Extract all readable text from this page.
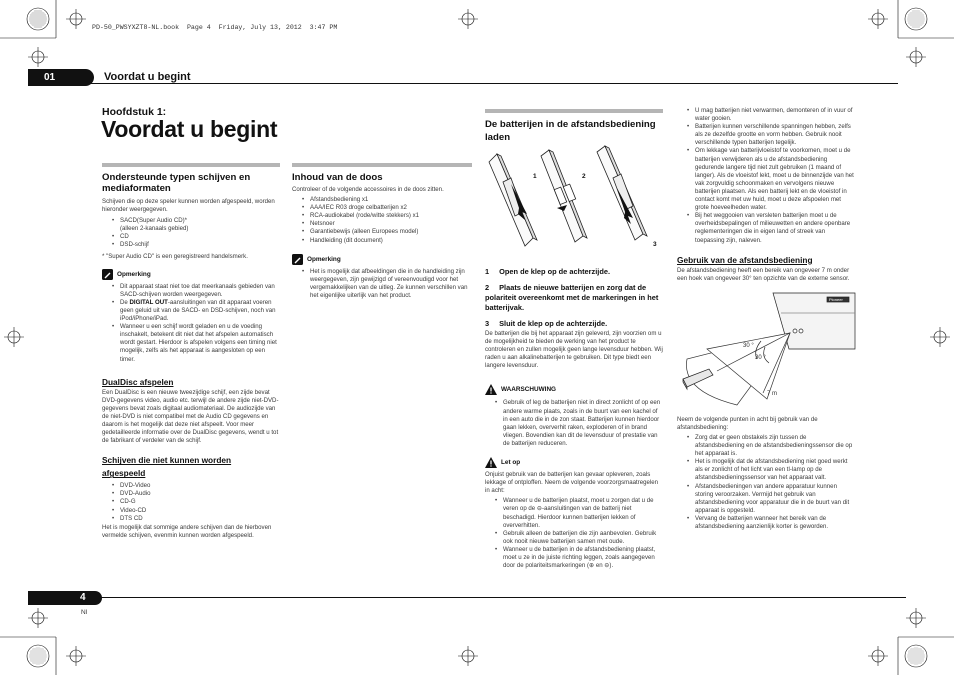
PD-50_PWSYXZT8-NL.book  Page 4  Friday, July 13, 2012  3:47 PM
01	Voordat u begint
Hoofdstuk 1:
Voordat u begint
Ondersteunde typen schijven en mediaformaten
Schijven die op deze speler kunnen worden afgespeeld, worden hieronder weergegeven.
• SACD(Super Audio CD)*
(alleen 2-kanaals gebied)
• CD
• DSD-schijf
* "Super Audio CD" is een geregistreerd handelsmerk.
Opmerking
• Dit apparaat staat niet toe dat meerkanaals gebieden van SACD-schijven worden weergegeven.
• De DIGITAL OUT-aansluitingen van dit apparaat voeren geen geluid uit van de SACD- en DSD-schijven, noch van iPod/iPhone/iPad.
• Wanneer u een schijf wordt geladen en u de voeding inschakelt, betekent dit niet dat het afspelen automatisch wordt gestart. Hierdoor is afspelen volgens een timing niet mogelijk, zelfs als het apparaat is aangesloten op een timer.
DualDisc afspelen
Een DualDisc is een nieuwe tweezijdige schijf, een zijde bevat DVD-gegevens video, audio etc. terwijl de andere zijde niet-DVD-gegevens bevat zoals digitaal audiomateriaal. De audiozijde van de niet-DVD is niet compatibel met de Audio CD gegevens en daarom is het mogelijk dat deze niet afspeelt. Voor meer gedetailleerde informatie over de DualDisc gegevens, wendt u tot de fabrikant of verdeler van de schijf.
Schijven die niet kunnen worden afgespeeld
• DVD-Video
• DVD-Audio
• CD-G
• Video-CD
• DTS CD
Het is mogelijk dat sommige andere schijven dan de hierboven vermelde schijven, evenmin kunnen worden afgespeeld.
Inhoud van de doos
Controleer of de volgende accessoires in de doos zitten.
• Afstandsbediening x1
• AAA/IEC R03 droge celbatterijen x2
• RCA-audiokabel (rode/witte stekkers) x1
• Netsnoer
• Garantiebewijs (alleen Europees model)
• Handleiding (dit document)
Opmerking
• Het is mogelijk dat afbeeldingen die in de handleiding zijn weergegeven, zijn gewijzigd of vereenvoudigd voor het vergemakkelijken van de uitleg. Ze kunnen verschillen van het eigenlijke uiterlijk van het product.
De batterijen in de afstandsbediening laden
1	2
3
1 Open de klep op de achterzijde.
2 Plaats de nieuwe batterijen en zorg dat de polariteit overeenkomt met de markeringen in het batterijvak.
3 Sluit de klep op de achterzijde.
De batterijen die bij het apparaat zijn geleverd, zijn voorzien om u de mogelijkheid te bieden de werking van het product te controleren en zullen mogelijk geen lange levensduur hebben. Wij raden u aan alkalinebatterijen te gebruiken. Dit type biedt een langere levensduur.
WAARSCHUWING
• Gebruik of leg de batterijen niet in direct zonlicht of op een andere warme plaats, zoals in de buurt van een kachel of in een auto die in de zon staat. Batterijen kunnen hierdoor gaan lekken, oververhit raken, exploderen of in brand vliegen. Bovendien kan dit de levensduur of prestatie van de batterijen reduceren.
Let op
Onjuist gebruik van de batterijen kan gevaar opleveren, zoals lekkage of ontploffen. Neem de volgende voorzorgsmaatregelen in acht:
• Wanneer u de batterijen plaatst, moet u zorgen dat u de veren op de ⊖-aansluitingen van de batterij niet beschadigd. Hierdoor kunnen batterijen lekken of oververhitten.
• Gebruik alleen de batterijen die zijn aanbevolen. Gebruik ook nooit nieuwe batterijen samen met oude.
• Wanneer u de batterijen in de afstandsbediening plaatst, moet u ze in de juiste richting leggen, zoals aangegeven door de polariteitsmarkeringen (⊕ en ⊖).
• U mag batterijen niet verwarmen, demonteren of in vuur of water gooien.
• Batterijen kunnen verschillende spanningen hebben, zelfs als ze dezelfde grootte en vorm hebben. Gebruik nooit verschillende typen batterijen tegelijk.
• Om lekkage van batterijvloeistof te voorkomen, moet u de batterijen verwijderen als u de afstandsbediening gedurende langere tijd niet zult gebruiken (1 maand of langer). Als de vloeistof lekt, moet u de binnenzijde van het vak zorgvuldig schoonmaken en vervolgens nieuwe batterijen plaatsen. Als een batterij lekt en de vloeistof in contact komt met uw huid, moet u deze afspoelen met grote hoeveelheden water.
• Bij het weggooien van versleten batterijen moet u de overheidsbepalingen of milieuwetten en andere openbare reglementeringen die in eigen land of streek van toepassing zijn, naleven.
Gebruik van de afstandsbediening
De afstandsbediening heeft een bereik van ongeveer 7 m onder een hoek van ongeveer 30° ten opzichte van de externe sensor.
Pioneer
30 °
30 °
7 m
Neem de volgende punten in acht bij gebruik van de afstandsbediening:
• Zorg dat er geen obstakels zijn tussen de afstandsbediening en de afstandsbedieningssensor die op het apparaat is.
• Het is mogelijk dat de afstandsbediening niet goed werkt als er zonlicht of het licht van een tl-lamp op de afstandsbedieningssensor van het apparaat valt.
• Afstandsbedieningen van andere apparatuur kunnen storing veroorzaken. Vermijd het gebruik van afstandsbediening voor apparatuur die in de buurt van dit apparaat is opgesteld.
• Vervang de batterijen wanneer het bereik van de afstandsbediening aanzienlijk korter is geworden.
4
Nl
